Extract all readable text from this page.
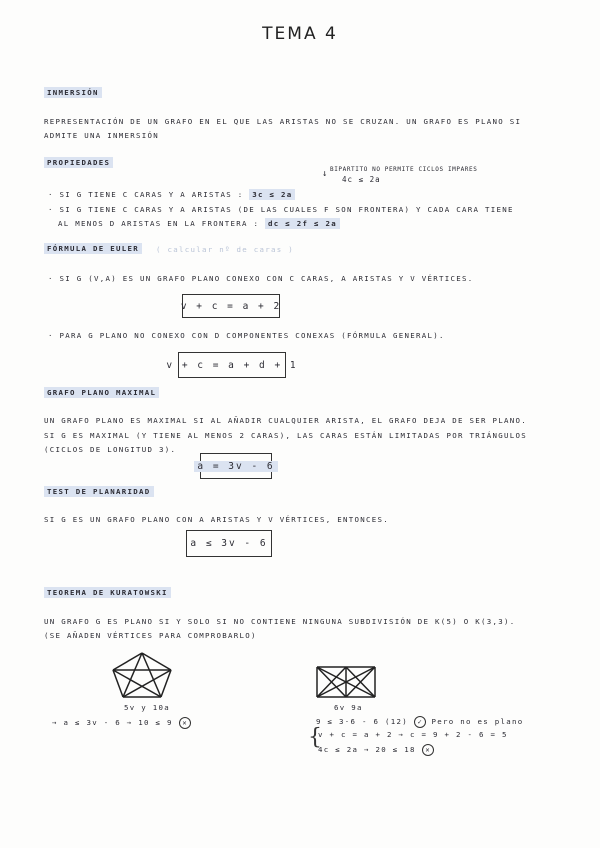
TEMA 4
INMERSIÓN
REPRESENTACIÓN DE UN GRAFO EN EL QUE LAS ARISTAS NO SE CRUZAN. UN GRAFO ES PLANO SI
ADMITE UNA INMERSIÓN
PROPIEDADES
BIPARTITO NO PERMITE CICLOS IMPARES
↓
4c ≤ 2a
· SI G TIENE C CARAS Y A ARISTAS : 3c ≤ 2a
· SI G TIENE C CARAS Y A ARISTAS (DE LAS CUALES F SON FRONTERA) Y CADA CARA TIENE
AL MENOS D ARISTAS EN LA FRONTERA : dc ≤ 2f ≤ 2a
FÓRMULA DE EULER	( calcular nº de caras )
· SI G (V,A) ES UN GRAFO PLANO CONEXO CON C CARAS, A ARISTAS Y V VÉRTICES.
v + c = a + 2
· PARA G PLANO NO CONEXO CON D COMPONENTES CONEXAS (FÓRMULA GENERAL).
v + c = a + d + 1
GRAFO PLANO MAXIMAL
UN GRAFO PLANO ES MAXIMAL SI AL AÑADIR CUALQUIER ARISTA, EL GRAFO DEJA DE SER PLANO.
SI G ES MAXIMAL (Y TIENE AL MENOS 2 CARAS), LAS CARAS ESTÁN LIMITADAS POR TRIÁNGULOS
(CICLOS DE LONGITUD 3).
a = 3v - 6
TEST DE PLANARIDAD
SI G ES UN GRAFO PLANO CON A ARISTAS Y V VÉRTICES, ENTONCES.
a ≤ 3v - 6
TEOREMA DE KURATOWSKI
UN GRAFO G ES PLANO SI Y SOLO SI NO CONTIENE NINGUNA SUBDIVISIÓN DE K(5) O K(3,3).
(SE AÑADEN VÉRTICES PARA COMPROBARLO)
5v y 10a
→ a ≤ 3v - 6 → 10 ≤ 9 ✕
6v 9a
9 ≤ 3·6 - 6 (12) ✓ Pero no es plano
{
v + c = a + 2 → c = 9 + 2 - 6 = 5
4c ≤ 2a → 20 ≤ 18 ✕
